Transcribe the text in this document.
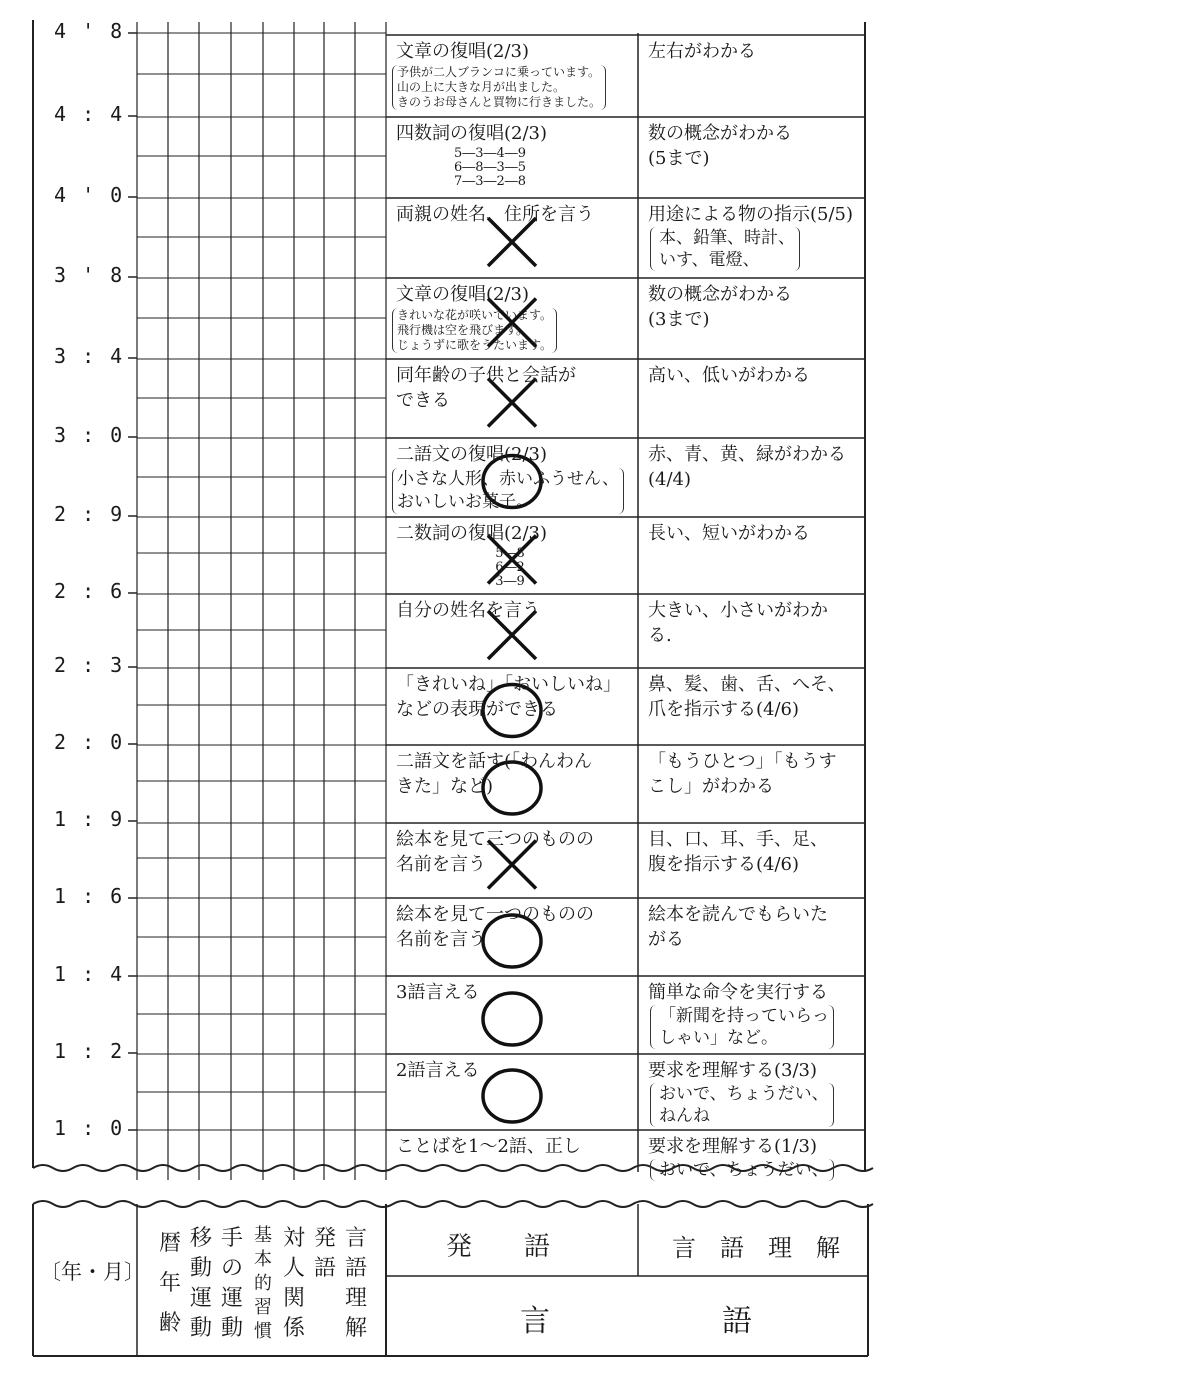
4 ' 8
4 : 4
4 ' 0
3 ' 8
3 : 4
3 : 0
2 : 9
2 : 6
2 : 3
2 : 0
1 : 9
1 : 6
1 : 4
1 : 2
1 : 0
文章の復唱(2/3)
予供が二人ブランコに乗っています。
山の上に大きな月が出ました。
きのうお母さんと買物に行きました。
四数詞の復唱(2/3)
5―3―4―9
6―8―3―5
7―3―2―8
両親の姓名、住所を言う
文章の復唱(2/3)
きれいな花が咲いています。
飛行機は空を飛びます。
じょうずに歌をうたいます。
同年齢の子供と会話が
できる
二語文の復唱(2/3)
小さな人形、赤いふうせん、
おいしいお菓子。
二数詞の復唱(2/3)
5―8
6―2
3―9
自分の姓名を言う
「きれいね」「おいしいね」
などの表現ができる
二語文を話す(「わんわん
きた」など)
絵本を見て三つのものの
名前を言う
絵本を見て一つのものの
名前を言う
3語言える
2語言える
ことばを1～2語、正し
左右がわかる
数の概念がわかる
(5まで)
用途による物の指示(5/5)
本、鉛筆、時計、
いす、電燈、
数の概念がわかる
(3まで)
高い、低いがわかる
赤、青、黄、緑がわかる
(4/4)
長い、短いがわかる
大きい、小さいがわか
る.
鼻、髪、歯、舌、へそ、
爪を指示する(4/6)
「もうひとつ」「もうす
こし」がわかる
目、口、耳、手、足、
腹を指示する(4/6)
絵本を読んでもらいた
がる
簡単な命令を実行する
「新聞を持っていらっ
しゃい」など。
要求を理解する(3/3)
おいで、ちょうだい、
ねんね
要求を理解する(1/3)
おいで、ちょうだい、
〔年・月〕
発　　語	言　語　理　解
言	語
暦年齢
移動運動
手の運動
基本的習慣
対人関係
発語
言語理解
